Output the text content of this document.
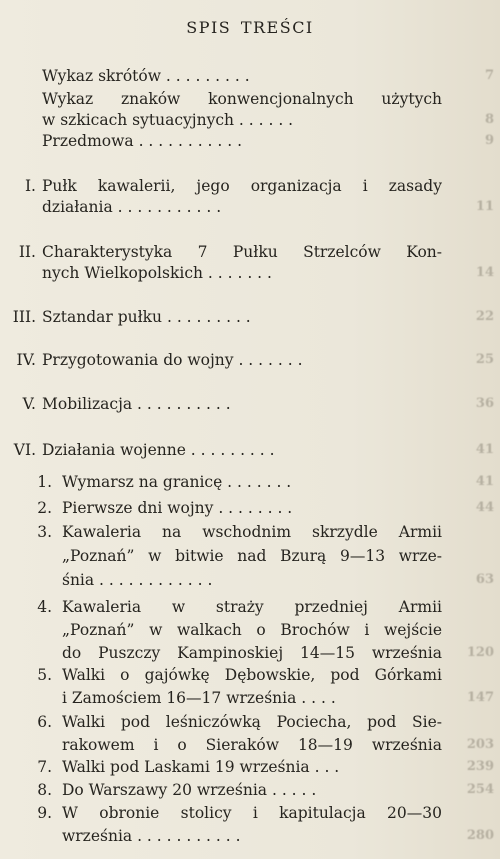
SPIS TREŚCI
Wykaz skrótów . . . . . . . . .	7
Wykaz znaków konwencjonalnych użytych
w szkicach sytuacyjnych . . . . . .	8
Przedmowa . . . . . . . . . . .	9
I. Pułk kawalerii, jego organizacja i zasady
działania . . . . . . . . . . .	11
II. Charakterystyka 7 Pułku Strzelców Kon-
nych Wielkopolskich . . . . . . .	14
III. Sztandar pułku . . . . . . . . .	22
IV. Przygotowania do wojny . . . . . . .	25
V. Mobilizacja . . . . . . . . . .	36
VI. Działania wojenne . . . . . . . . .	41
1. Wymarsz na granicę . . . . . . .	41
2. Pierwsze dni wojny . . . . . . . .	44
3. Kawaleria na wschodnim skrzydle Armii
„Poznań” w bitwie nad Bzurą 9—13 wrze-
śnia . . . . . . . . . . . .	63
4. Kawaleria w straży przedniej Armii
„Poznań” w walkach o Brochów i wejście
do Puszczy Kampinoskiej 14—15 września 120
5. Walki o gajówkę Dębowskie, pod Górkami
i Zamościem 16—17 września . . . .	147
6. Walki pod leśniczówką Pociecha, pod Sie-
rakowem i o Sieraków 18—19 września 203
7. Walki pod Laskami 19 września . . .	239
8. Do Warszawy 20 września . . . . .	254
9. W obronie stolicy i kapitulacja 20—30
września . . . . . . . . . . .	280
